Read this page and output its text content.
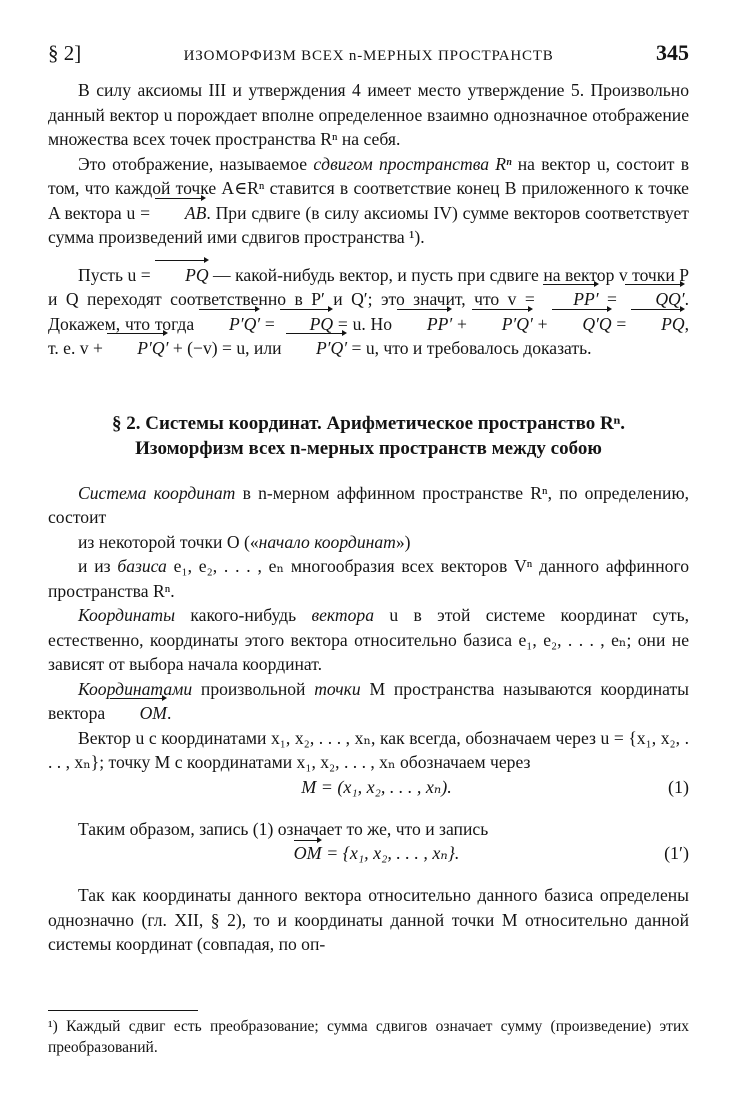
§ 2]	ИЗОМОРФИЗМ ВСЕХ n-МЕРНЫХ ПРОСТРАНСТВ	345

В силу аксиомы III и утверждения 4 имеет место утверждение 5. Произвольно данный вектор u порождает вполне определенное взаимно однозначное отображение множества всех точек пространства Rⁿ на себя.

Это отображение, называемое сдвигом пространства Rⁿ на вектор u, состоит в том, что каждой точке A∈Rⁿ ставится в соответствие конец B приложенного к точке A вектора u = AB. При сдвиге (в силу аксиомы IV) сумме векторов соответствует сумма произведений ими сдвигов пространства ¹).

Пусть u = PQ — какой-нибудь вектор, и пусть при сдвиге на вектор v точки P и Q переходят соответственно в P′ и Q′; это значит, что v = PP′ = QQ′. Докажем, что тогда P′Q′ = PQ = u. Но PP′ + P′Q′ + Q′Q = PQ, т. е. v + P′Q′ + (−v) = u, или P′Q′ = u, что и требовалось доказать.

§ 2. Системы координат. Арифметическое пространство Rⁿ.
Изоморфизм всех n-мерных пространств между собою

Система координат в n-мерном аффинном пространстве Rⁿ, по определению, состоит

из некоторой точки O («начало координат»)

и из базиса e₁, e₂, . . . , eₙ многообразия всех векторов Vⁿ данного аффинного пространства Rⁿ.

Координаты какого-нибудь вектора u в этой системе координат суть, естественно, координаты этого вектора относительно базиса e₁, e₂, . . . , eₙ; они не зависят от выбора начала координат.

Координатами произвольной точки M пространства называются координаты вектора OM.

Вектор u с координатами x₁, x₂, . . . , xₙ, как всегда, обозначаем через u = {x₁, x₂, . . . , xₙ}; точку M с координатами x₁, x₂, . . . , xₙ обозначаем через

M = (x₁, x₂, . . . , xₙ).	(1)

Таким образом, запись (1) означает то же, что и запись

OM = {x₁, x₂, . . . , xₙ}.	(1′)

Так как координаты данного вектора относительно данного базиса определены однозначно (гл. XII, § 2), то и координаты данной точки M относительно данной системы координат (совпадая, по оп-

¹) Каждый сдвиг есть преобразование; сумма сдвигов означает сумму (произведение) этих преобразований.
